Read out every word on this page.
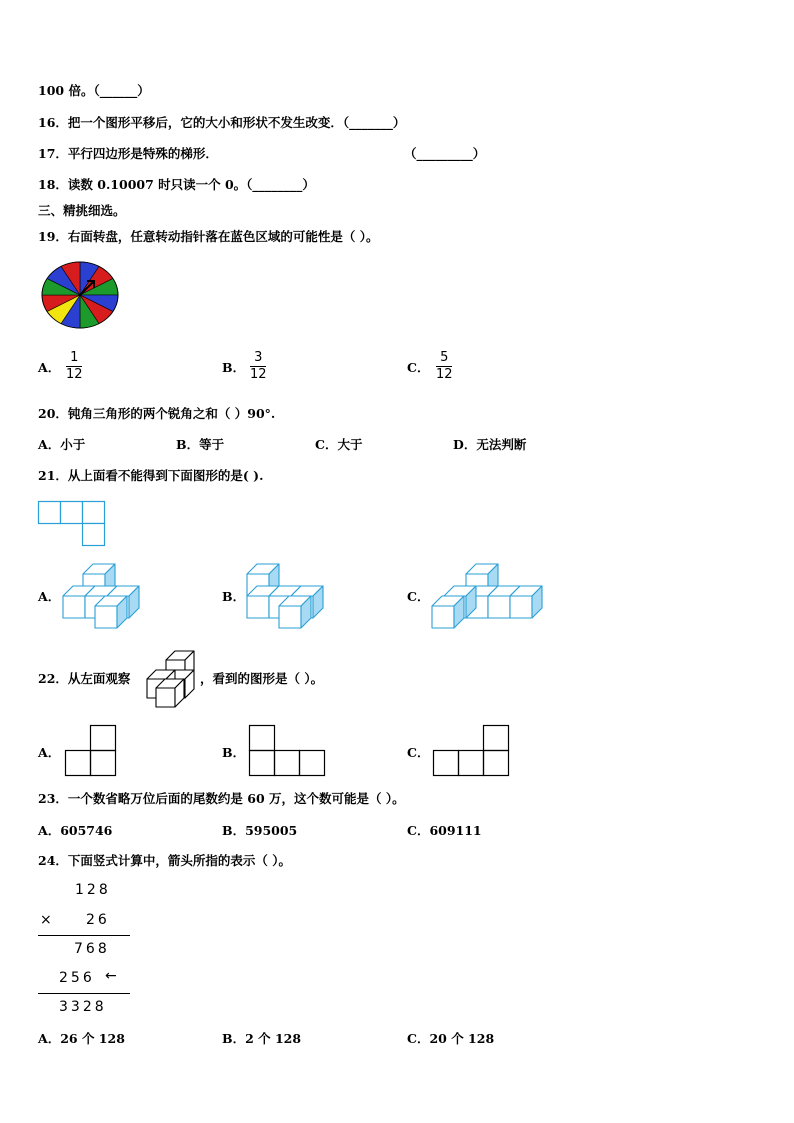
100 倍。（______）
16．把一个图形平移后，它的大小和形状不发生改变．（_______）
17．平行四边形是特殊的梯形．	（_________）
18．读数 0.10007 时只读一个 0。（________）
三、精挑细选。
19．右面转盘，任意转动指针落在蓝色区域的可能性是（ ）。
A． $\frac{1}{12}$	B． $\frac{3}{12}$	C． $\frac{5}{12}$
20．钝角三角形的两个锐角之和（ ）90°.
A．小于	B．等于	C．大于	D．无法判断
21．从上面看不能得到下面图形的是( ).
A．	B．	C．
22．从左面观察	，看到的图形是（ ）。
A．	B．	C．
23．一个数省略万位后面的尾数约是 60 万，这个数可能是（ ）。
A．605746	B．595005	C．609111
24．下面竖式计算中，箭头所指的表示（ ）。
128
× 26
768
256 ←
3328
A．26 个 128	B．2 个 128	C．20 个 128
